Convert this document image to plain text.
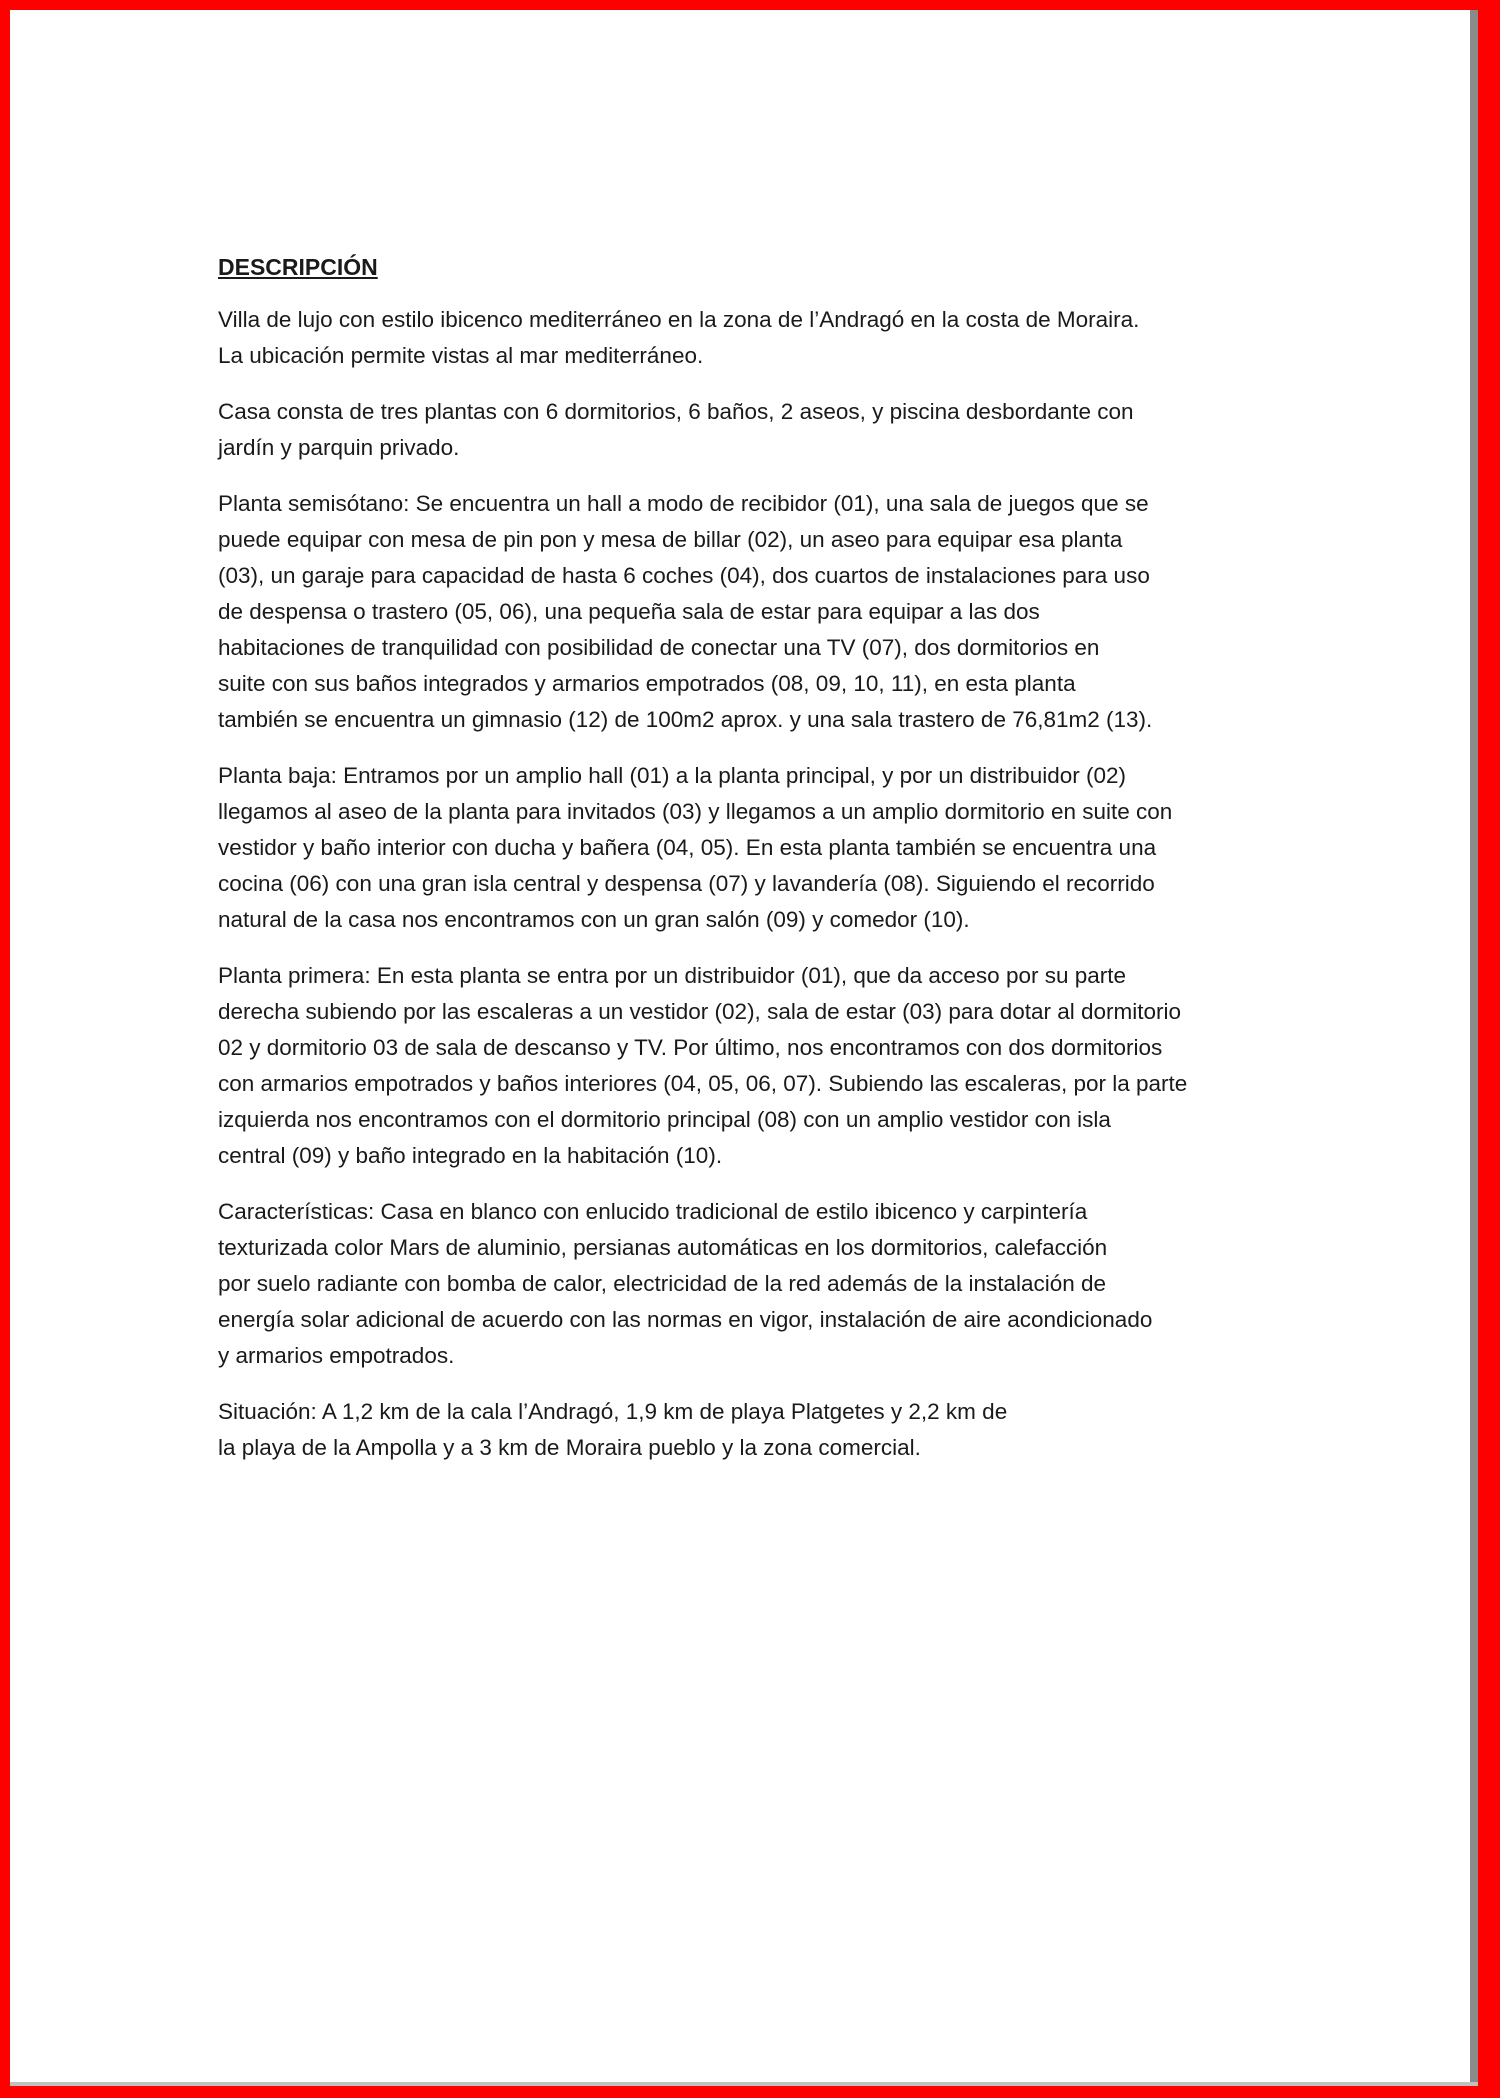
DESCRIPCIÓN
Villa de lujo con estilo ibicenco mediterráneo en la zona de l’Andragó en la costa de Moraira.
La ubicación permite vistas al mar mediterráneo.
Casa consta de tres plantas con 6 dormitorios, 6 baños, 2 aseos, y piscina desbordante con
jardín y parquin privado.
Planta semisótano: Se encuentra un hall a modo de recibidor (01), una sala de juegos que se
puede equipar con mesa de pin pon y mesa de billar (02), un aseo para equipar esa planta
(03), un garaje para capacidad de hasta 6 coches (04), dos cuartos de instalaciones para uso
de despensa o trastero (05, 06), una pequeña sala de estar para equipar a las dos
habitaciones de tranquilidad con posibilidad de conectar una TV (07), dos dormitorios en
suite con sus baños integrados y armarios empotrados (08, 09, 10, 11), en esta planta
también se encuentra un gimnasio (12) de 100m2 aprox. y una sala trastero de 76,81m2 (13).
Planta baja: Entramos por un amplio hall (01) a la planta principal, y por un distribuidor (02)
llegamos al aseo de la planta para invitados (03) y llegamos a un amplio dormitorio en suite con
vestidor y baño interior con ducha y bañera (04, 05). En esta planta también se encuentra una
cocina (06) con una gran isla central y despensa (07) y lavandería (08). Siguiendo el recorrido
natural de la casa nos encontramos con un gran salón (09) y comedor (10).
Planta primera: En esta planta se entra por un distribuidor (01), que da acceso por su parte
derecha subiendo por las escaleras a un vestidor (02), sala de estar (03) para dotar al dormitorio
02 y dormitorio 03 de sala de descanso y TV. Por último, nos encontramos con dos dormitorios
con armarios empotrados y baños interiores (04, 05, 06, 07). Subiendo las escaleras, por la parte
izquierda nos encontramos con el dormitorio principal (08) con un amplio vestidor con isla
central (09) y baño integrado en la habitación (10).
Características: Casa en blanco con enlucido tradicional de estilo ibicenco y carpintería
texturizada color Mars de aluminio, persianas automáticas en los dormitorios, calefacción
por suelo radiante con bomba de calor, electricidad de la red además de la instalación de
energía solar adicional de acuerdo con las normas en vigor, instalación de aire acondicionado
y armarios empotrados.
Situación: A 1,2 km de la cala l’Andragó, 1,9 km de playa Platgetes y 2,2 km de
la playa de la Ampolla y a 3 km de Moraira pueblo y la zona comercial.
